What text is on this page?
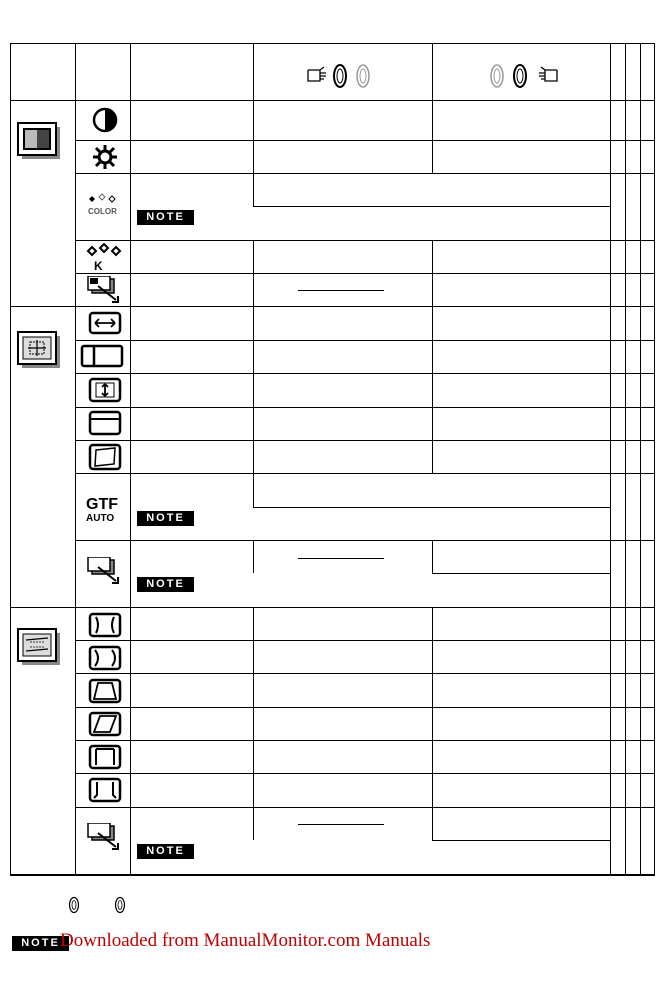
COLOR
K
GTF
AUTO
NOTE
NOTE
NOTE
NOTE
NOTE Downloaded from ManualMonitor.com Manuals
